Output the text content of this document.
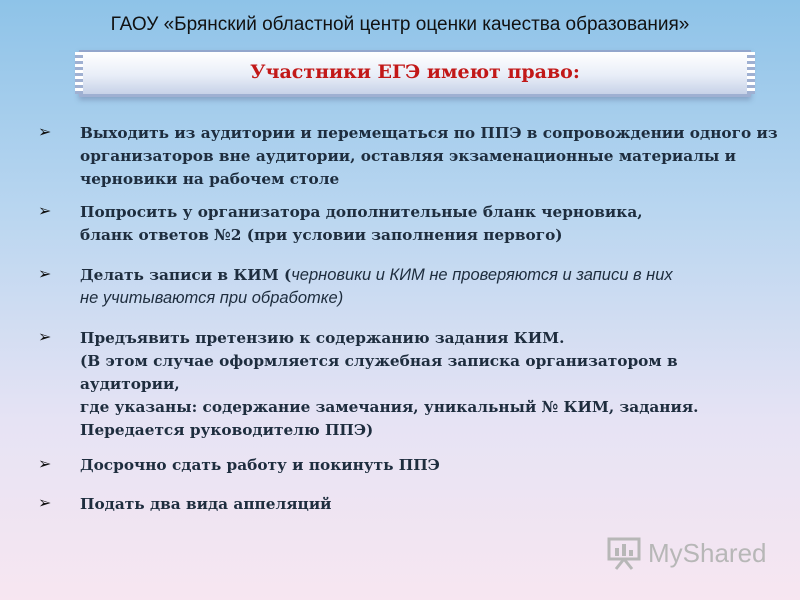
ГАОУ «Брянский областной центр оценки качества образования»
Участники ЕГЭ имеют право:
➢ Выходить из аудитории и перемещаться по ППЭ в сопровождении одного из
организаторов вне аудитории, оставляя экзаменационные материалы и
черновики на рабочем столе
➢ Попросить у организатора дополнительные бланк черновика,
бланк ответов №2 (при условии заполнения первого)
➢ Делать записи в КИМ (черновики и КИМ не проверяются и записи в них
не учитываются при обработке)
➢ Предъявить претензию к содержанию задания КИМ.
(В этом случае оформляется служебная записка организатором в аудитории,
где указаны: содержание замечания, уникальный № КИМ, задания.
Передается руководителю ППЭ)
➢ Досрочно сдать работу и покинуть ППЭ
➢ Подать два вида аппеляций
MyShared
